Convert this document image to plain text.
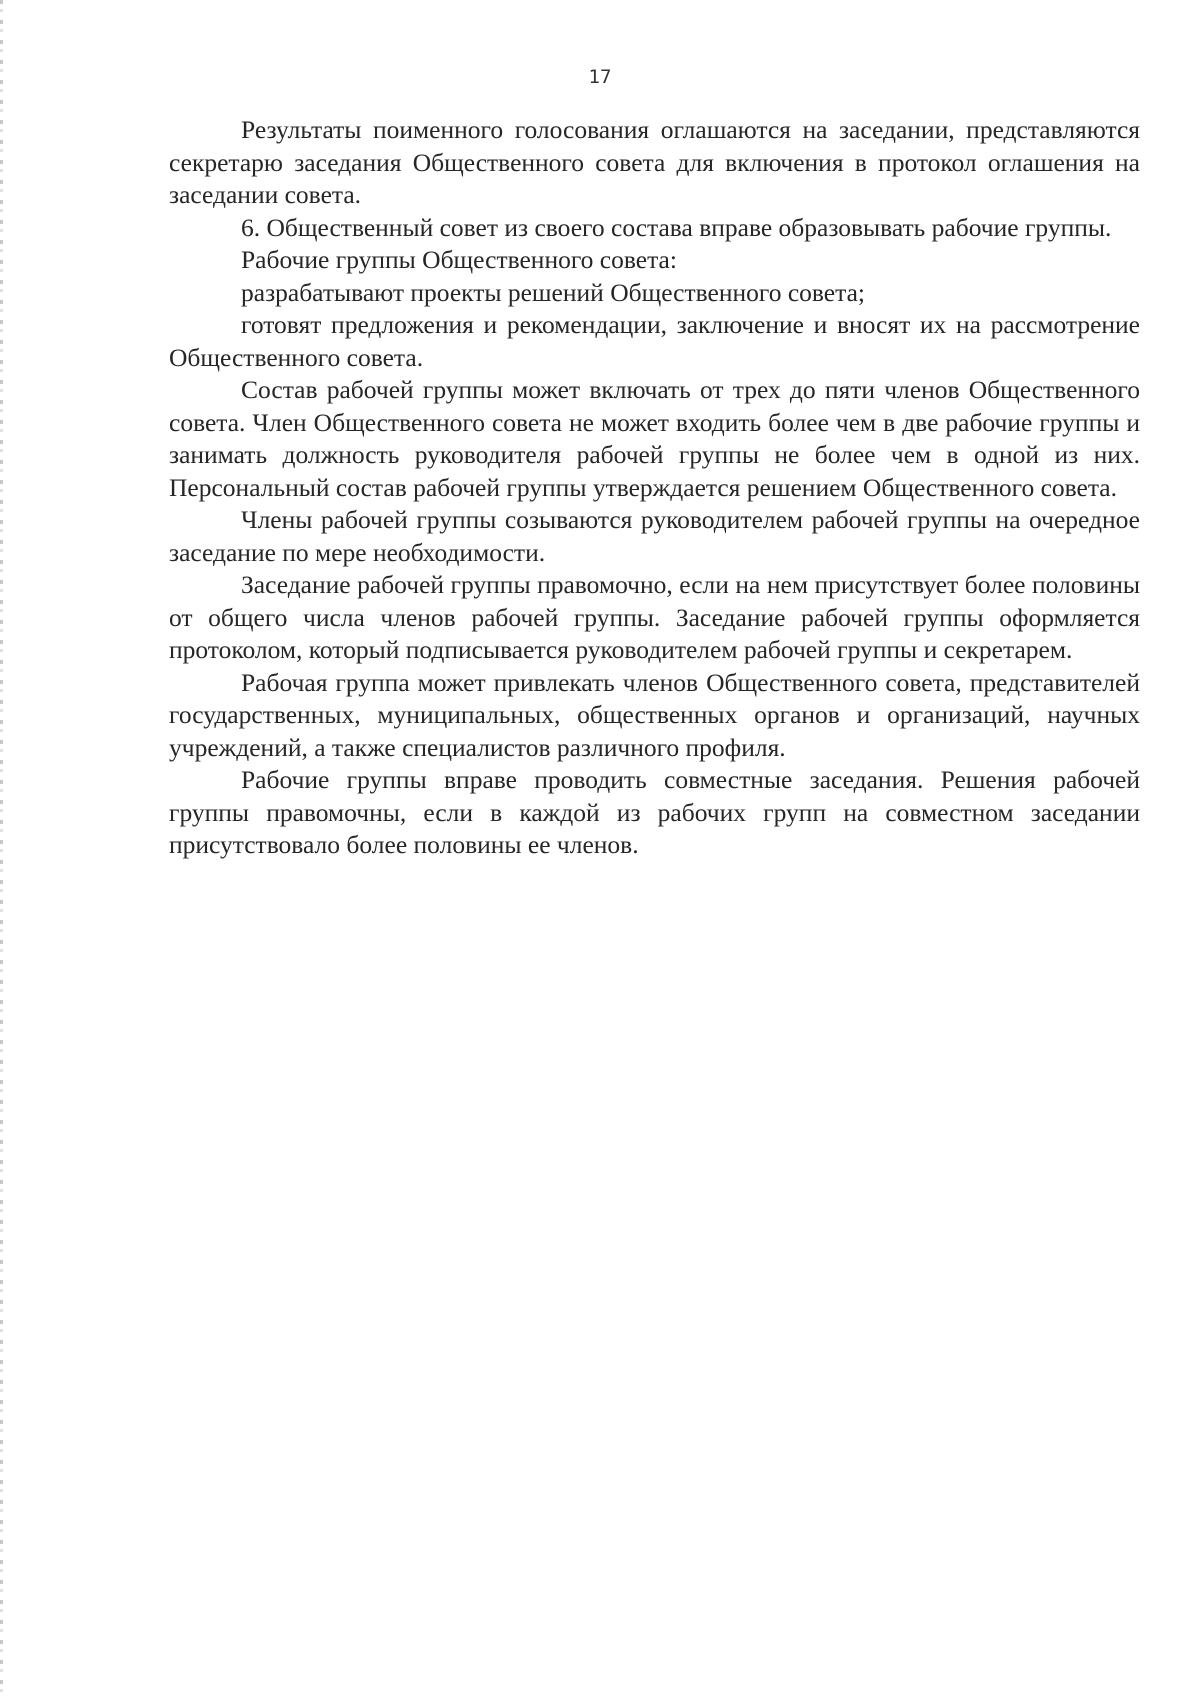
17

Результаты поименного голосования оглашаются на заседании, представляются секретарю заседания Общественного совета для включения в протокол оглашения на заседании совета.

6. Общественный совет из своего состава вправе образовывать рабочие группы.

Рабочие группы Общественного совета:

разрабатывают проекты решений Общественного совета;

готовят предложения и рекомендации, заключение и вносят их на рассмотрение Общественного совета.

Состав рабочей группы может включать от трех до пяти членов Общественного совета. Член Общественного совета не может входить более чем в две рабочие группы и занимать должность руководителя рабочей группы не более чем в одной из них. Персональный состав рабочей группы утверждается решением Общественного совета.

Члены рабочей группы созываются руководителем рабочей группы на очередное заседание по мере необходимости.

Заседание рабочей группы правомочно, если на нем присутствует более половины от общего числа членов рабочей группы. Заседание рабочей группы оформляется протоколом, который подписывается руководителем рабочей группы и секретарем.

Рабочая группа может привлекать членов Общественного совета, представителей государственных, муниципальных, общественных органов и организаций, научных учреждений, а также специалистов различного профиля.

Рабочие группы вправе проводить совместные заседания. Решения рабочей группы правомочны, если в каждой из рабочих групп на совместном заседании присутствовало более половины ее членов.
